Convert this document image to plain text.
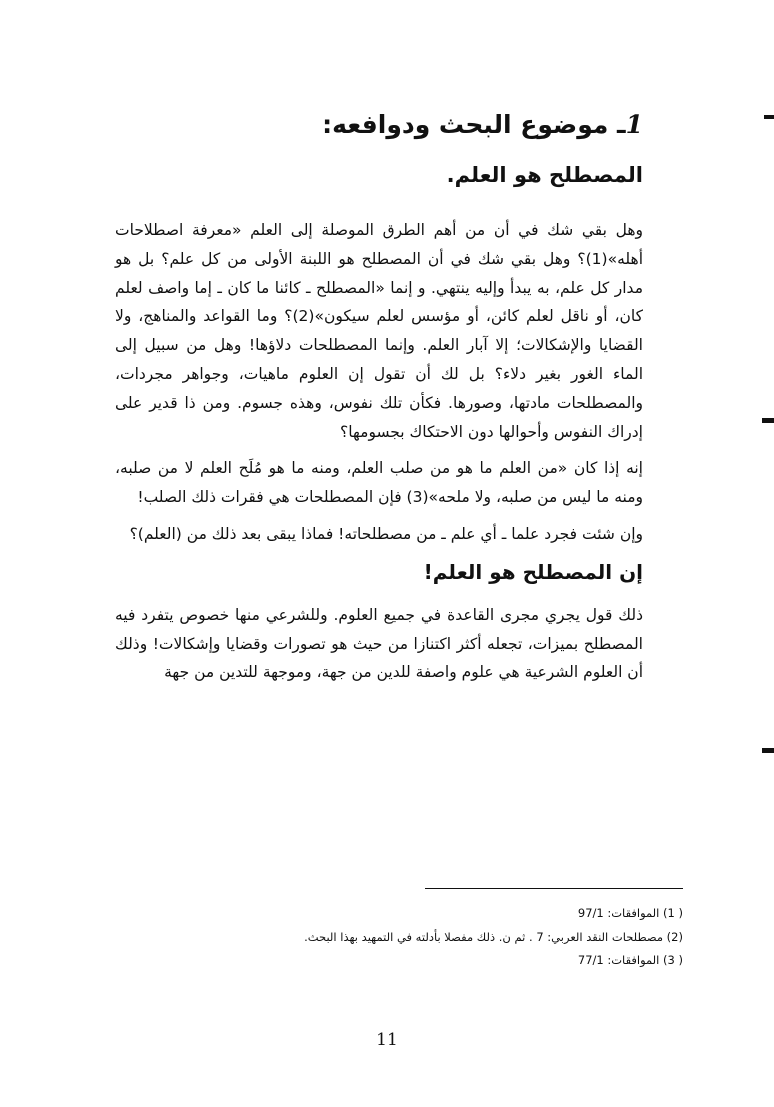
1ـ موضوع البحث ودوافعه:
المصطلح هو العلم.

وهل بقي شك في أن من أهم الطرق الموصلة إلى العلم «معرفة اصطلاحات أهله»(1)؟ وهل بقي شك في أن المصطلح هو اللبنة الأولى من كل علم؟ بل هو مدار كل علم، به يبدأ وإليه ينتهي. و إنما «المصطلح ـ كائنا ما كان ـ إما واصف لعلم كان، أو ناقل لعلم كائن، أو مؤسس لعلم سيكون»(2)؟ وما القواعد والمناهج، ولا القضايا والإشكالات؛ إلا آبار العلم. وإنما المصطلحات دلاؤها! وهل من سبيل إلى الماء الغور بغير دلاء؟ بل لك أن تقول إن العلوم ماهيات، وجواهر مجردات، والمصطلحات مادتها، وصورها. فكأن تلك نفوس، وهذه جسوم. ومن ذا قدير على إدراك النفوس وأحوالها دون الاحتكاك بجسومها؟

إنه إذا كان «من العلم ما هو من صلب العلم، ومنه ما هو مُلَح العلم لا من صلبه، ومنه ما ليس من صلبه، ولا ملحه»(3) فإن المصطلحات هي فقرات ذلك الصلب!

وإن شئت فجرد علما ـ أي علم ـ من مصطلحاته! فماذا يبقى بعد ذلك من (العلم)؟

إن المصطلح هو العلم!

ذلك قول يجري مجرى القاعدة في جميع العلوم. وللشرعي منها خصوص يتفرد فيه المصطلح بميزات، تجعله أكثر اكتنازا من حيث هو تصورات وقضايا وإشكالات! وذلك أن العلوم الشرعية هي علوم واصفة للدين من جهة، وموجهة للتدين من جهة

( 1) الموافقات: 97/1
(2) مصطلحات النقد العربي: 7 . ثم ن. ذلك مفصلا بأدلته في التمهيد بهذا البحث.
( 3) الموافقات: 77/1
11
